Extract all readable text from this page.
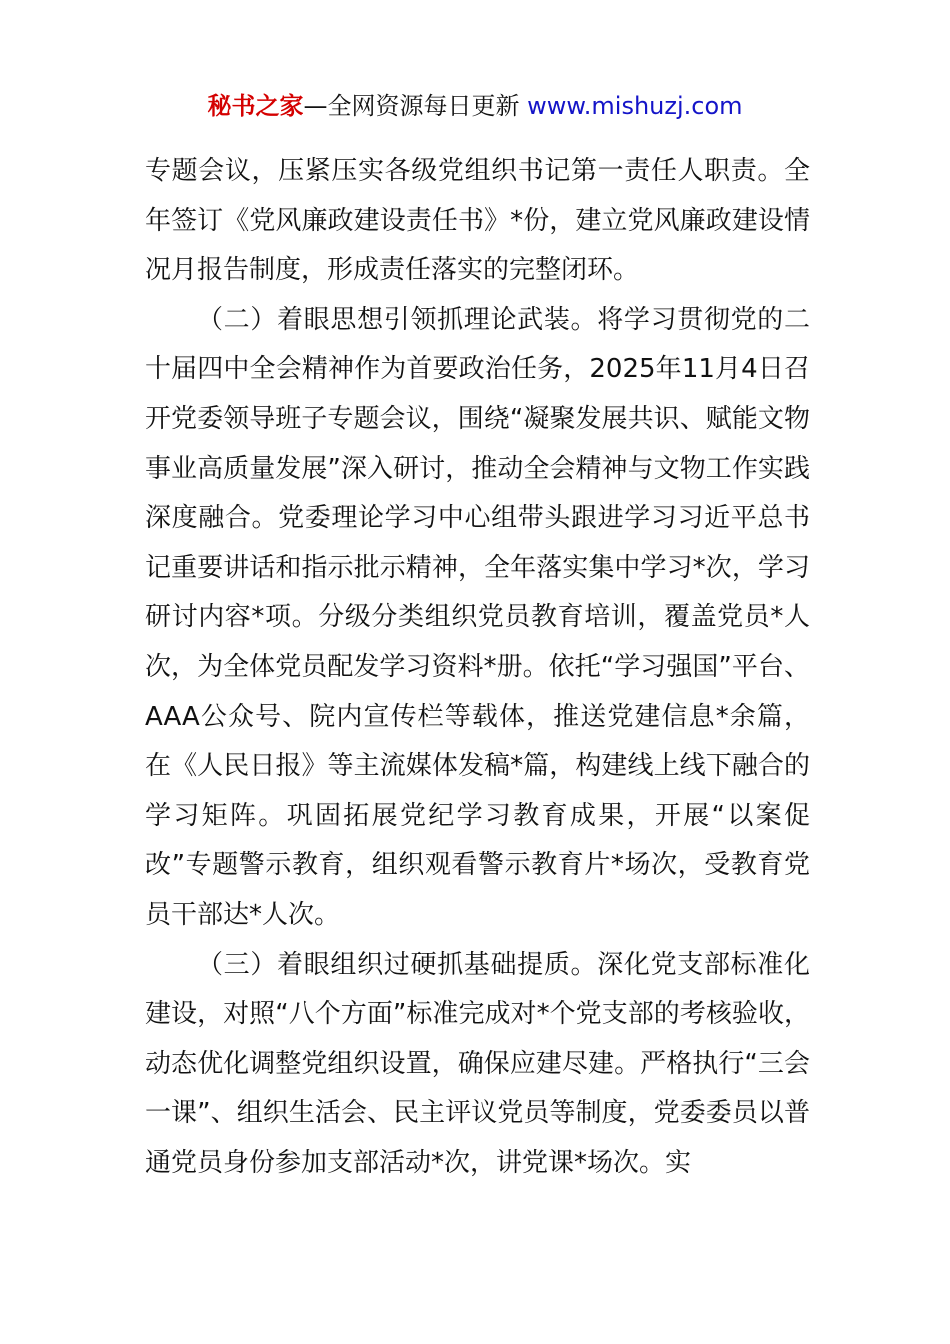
秘书之家—全网资源每日更新 www.mishuzj.com

专题会议，压紧压实各级党组织书记第一责任人职责。全年签订《党风廉政建设责任书》*份，建立党风廉政建设情况月报告制度，形成责任落实的完整闭环。

（二）着眼思想引领抓理论武装。将学习贯彻党的二十届四中全会精神作为首要政治任务，2025年11月4日召开党委领导班子专题会议，围绕“凝聚发展共识、赋能文物事业高质量发展”深入研讨，推动全会精神与文物工作实践深度融合。党委理论学习中心组带头跟进学习习近平总书记重要讲话和指示批示精神，全年落实集中学习*次，学习研讨内容*项。分级分类组织党员教育培训，覆盖党员*人次，为全体党员配发学习资料*册。依托“学习强国”平台、AAA公众号、院内宣传栏等载体，推送党建信息*余篇，在《人民日报》等主流媒体发稿*篇，构建线上线下融合的学习矩阵。巩固拓展党纪学习教育成果，开展“以案促改”专题警示教育，组织观看警示教育片*场次，受教育党员干部达*人次。

（三）着眼组织过硬抓基础提质。深化党支部标准化建设，对照“八个方面”标准完成对*个党支部的考核验收，动态优化调整党组织设置，确保应建尽建。严格执行“三会一课”、组织生活会、民主评议党员等制度，党委委员以普通党员身份参加支部活动*次，讲党课*场次。实
